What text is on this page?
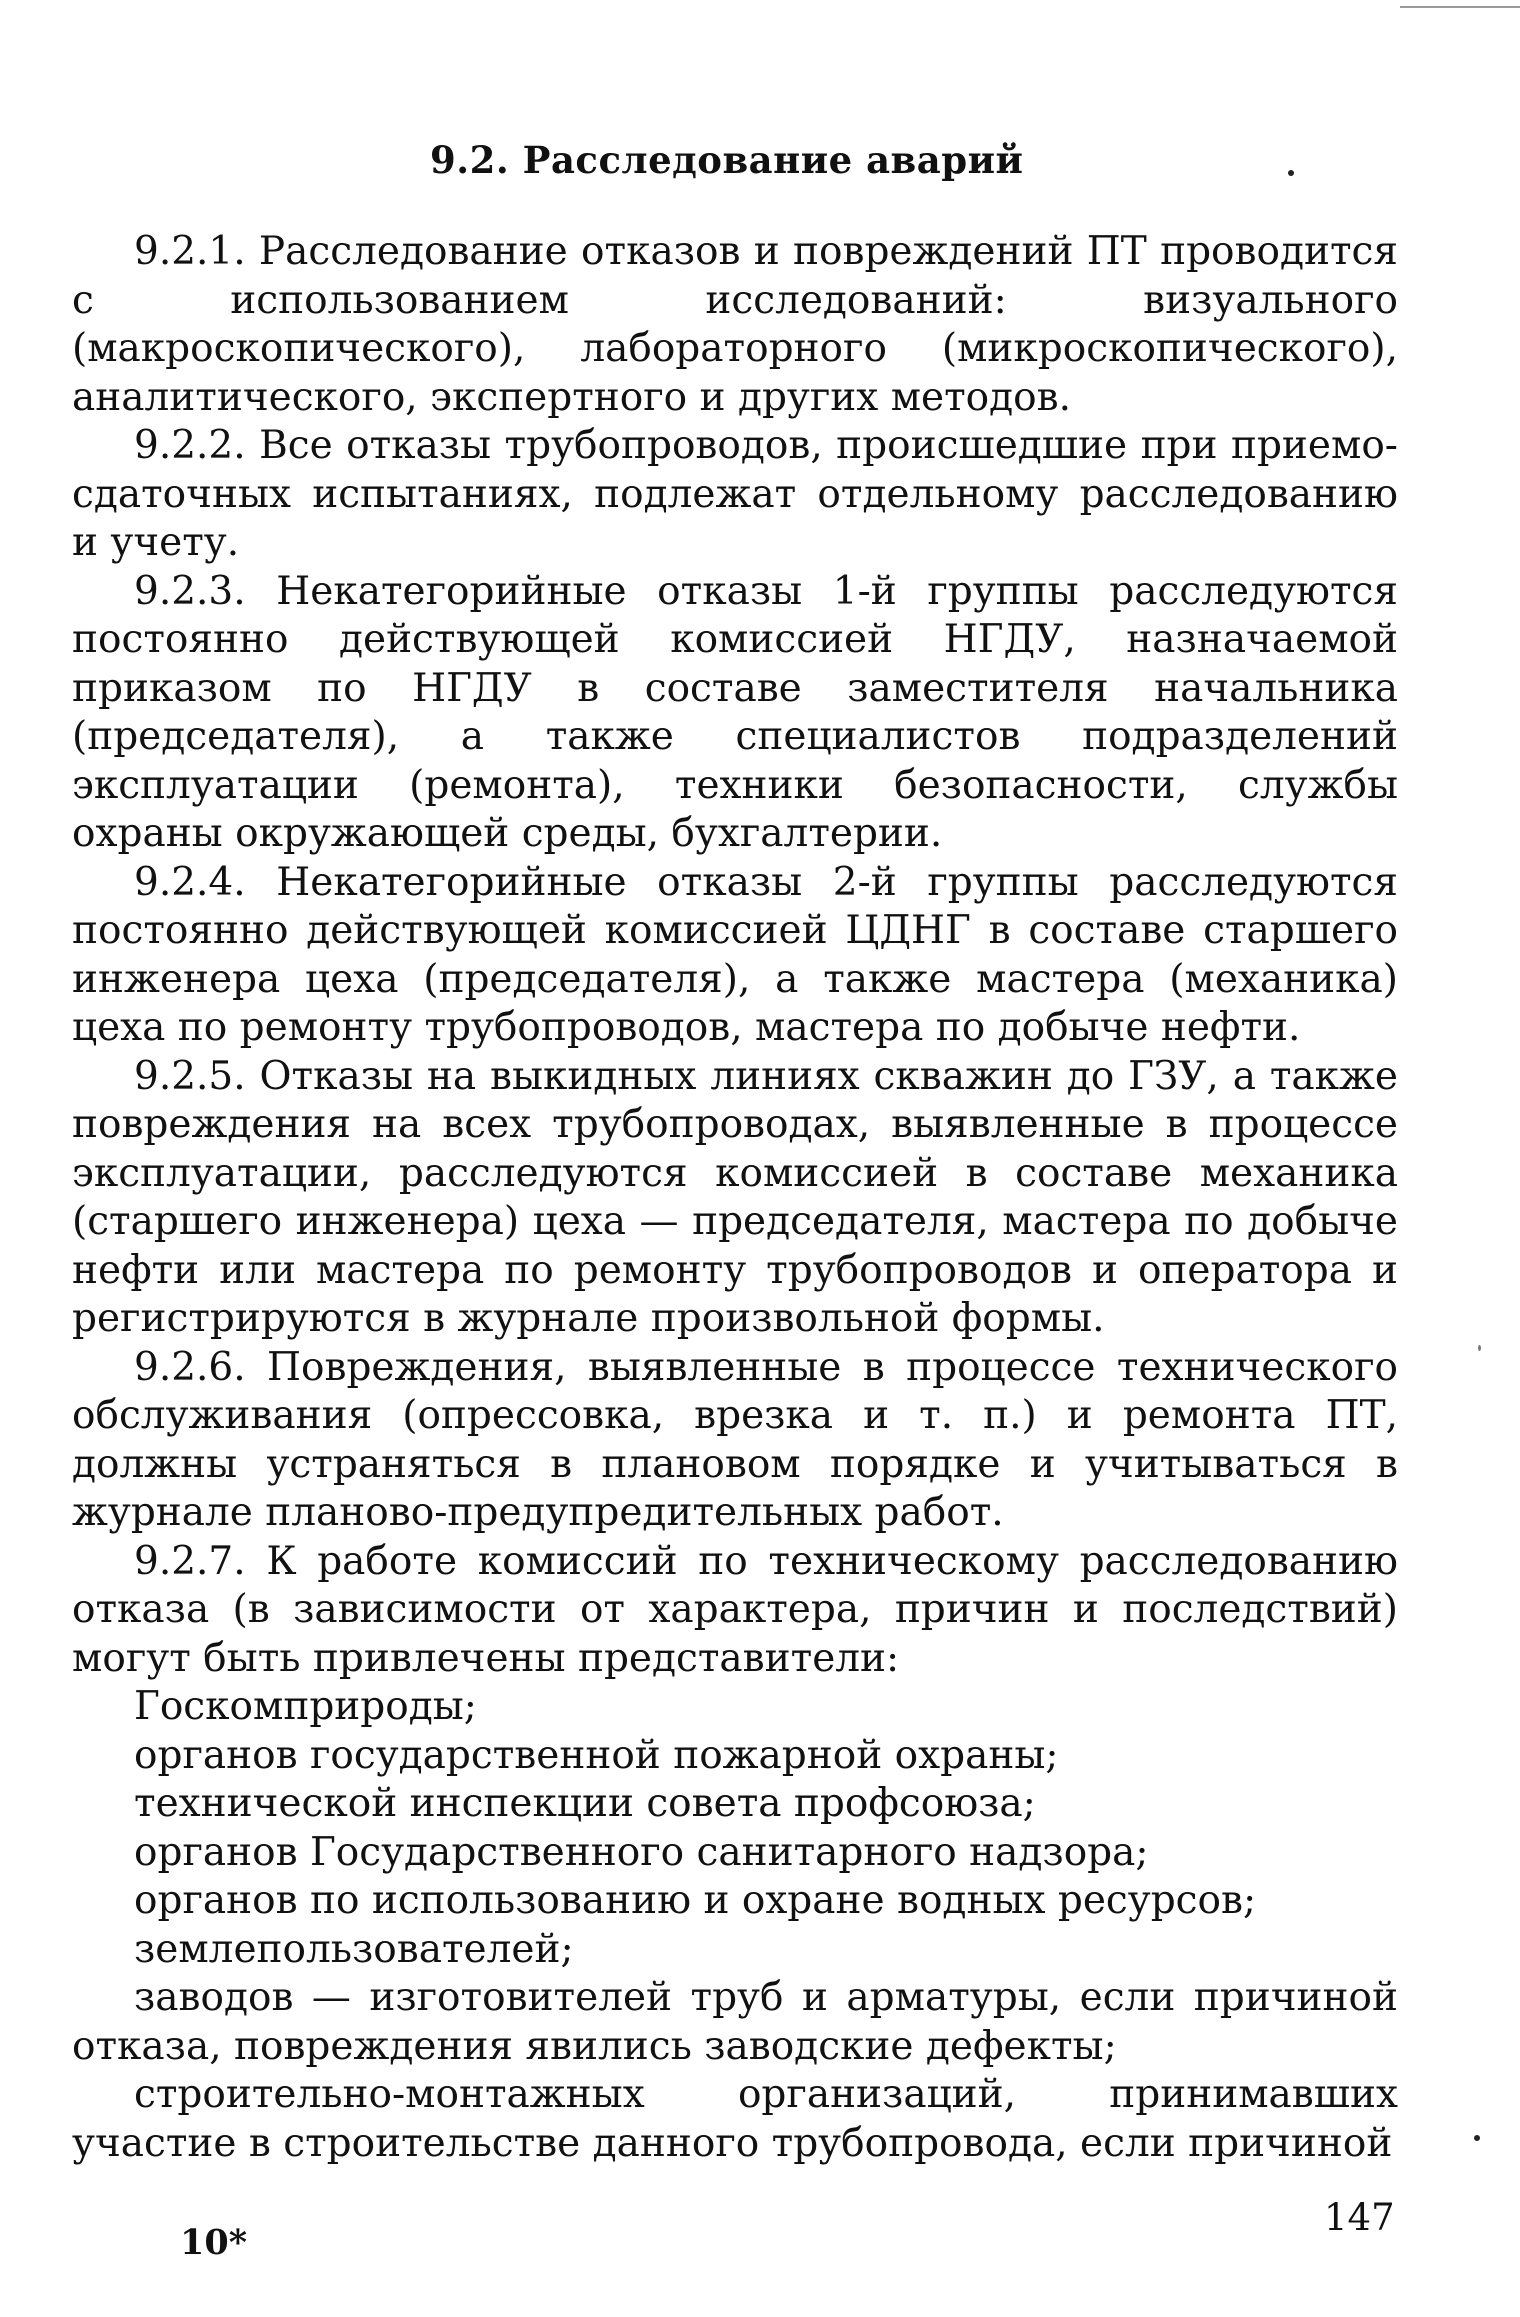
9.2. Расследование аварий

9.2.1. Расследование отказов и повреждений ПТ проводится с использованием исследований: визуального (макроскопического), лабораторного (микроскопического), аналитического, экспертного и других методов.

9.2.2. Все отказы трубопроводов, происшедшие при приемо-сдаточных испытаниях, подлежат отдельному расследованию и учету.

9.2.3. Некатегорийные отказы 1-й группы расследуются постоянно действующей комиссией НГДУ, назначаемой приказом по НГДУ в составе заместителя начальника (председателя), а также специалистов подразделений эксплуатации (ремонта), техники безопасности, службы охраны окружающей среды, бухгалтерии.

9.2.4. Некатегорийные отказы 2-й группы расследуются постоянно действующей комиссией ЦДНГ в составе старшего инженера цеха (председателя), а также мастера (механика) цеха по ремонту трубопроводов, мастера по добыче нефти.

9.2.5. Отказы на выкидных линиях скважин до ГЗУ, а также повреждения на всех трубопроводах, выявленные в процессе эксплуатации, расследуются комиссией в составе механика (старшего инженера) цеха — председателя, мастера по добыче нефти или мастера по ремонту трубопроводов и оператора и регистрируются в журнале произвольной формы.

9.2.6. Повреждения, выявленные в процессе технического обслуживания (опрессовка, врезка и т. п.) и ремонта ПТ, должны устраняться в плановом порядке и учитываться в журнале планово-предупредительных работ.

9.2.7. К работе комиссий по техническому расследованию отказа (в зависимости от характера, причин и последствий) могут быть привлечены представители:

Госкомприроды;

органов государственной пожарной охраны;

технической инспекции совета профсоюза;

органов Государственного санитарного надзора;

органов по использованию и охране водных ресурсов;

землепользователей;

заводов — изготовителей труб и арматуры, если причиной отказа, повреждения явились заводские дефекты;

строительно-монтажных организаций, принимавших участие в строительстве данного трубопровода, если причиной

147
10*
